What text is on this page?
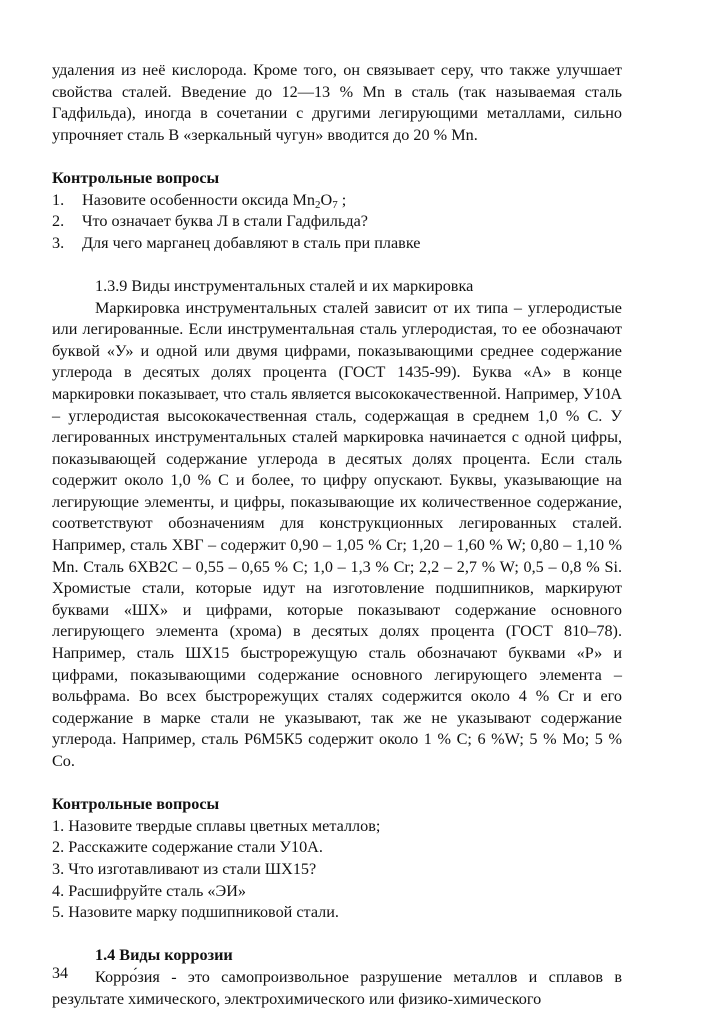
удаления из неё кислорода. Кроме того, он связывает серу, что также улучшает свойства сталей. Введение до 12—13 % Mn в сталь (так называемая сталь Гадфильда), иногда в сочетании с другими легирующими металлами, сильно упрочняет сталь В «зеркальный чугун» вводится до 20 % Mn.

Контрольные вопросы
1.	Назовите особенности оксида $Mn_2O_7$ ;
2.	Что означает буква Л в стали Гадфильда?
3.	Для чего марганец добавляют в сталь при плавке

1.3.9 Виды инструментальных сталей и их маркировка

Маркировка инструментальных сталей зависит от их типа – углеродистые или легированные. Если инструментальная сталь углеродистая, то ее обозначают буквой «У» и одной или двумя цифрами, показывающими среднее содержание углерода в десятых долях процента (ГОСТ 1435-99). Буква «А» в конце маркировки показывает, что сталь является высококачественной. Например, У10А – углеродистая высококачественная сталь, содержащая в среднем 1,0 % С. У легированных инструментальных сталей маркировка начинается с одной цифры, показывающей содержание углерода в десятых долях процента. Если сталь содержит около 1,0 % С и более, то цифру опускают. Буквы, указывающие на легирующие элементы, и цифры, показывающие их количественное содержание, соответствуют обозначениям для конструкционных легированных сталей. Например, сталь ХВГ – содержит 0,90 – 1,05 % Cr; 1,20 – 1,60 % W; 0,80 – 1,10 % Mn. Сталь 6ХВ2С – 0,55 – 0,65 % С; 1,0 – 1,3 % Cr; 2,2 – 2,7 % W; 0,5 – 0,8 % Si. Хромистые стали, которые идут на изготовление подшипников, маркируют буквами «ШХ» и цифрами, которые показывают содержание основного легирующего элемента (хрома) в десятых долях процента (ГОСТ 810–78). Например, сталь ШХ15 быстрорежущую сталь обозначают буквами «Р» и цифрами, показывающими содержание основного легирующего элемента – вольфрама. Во всех быстрорежущих сталях содержится около 4 % Cr и его содержание в марке стали не указывают, так же не указывают содержание углерода. Например, сталь Р6М5К5 содержит около 1 % С; 6 %W; 5 % Mo; 5 % Co.

Контрольные вопросы
1. Назовите твердые сплавы цветных металлов;
2. Расскажите содержание стали У10А.
3. Что изготавливают из стали ШХ15?
4. Расшифруйте сталь «ЭИ»
5. Назовите марку подшипниковой стали.
1.4 Виды коррозии

Корро́зия - это самопроизвольное разрушение металлов и сплавов в результате химического, электрохимического или физико-химического

34
